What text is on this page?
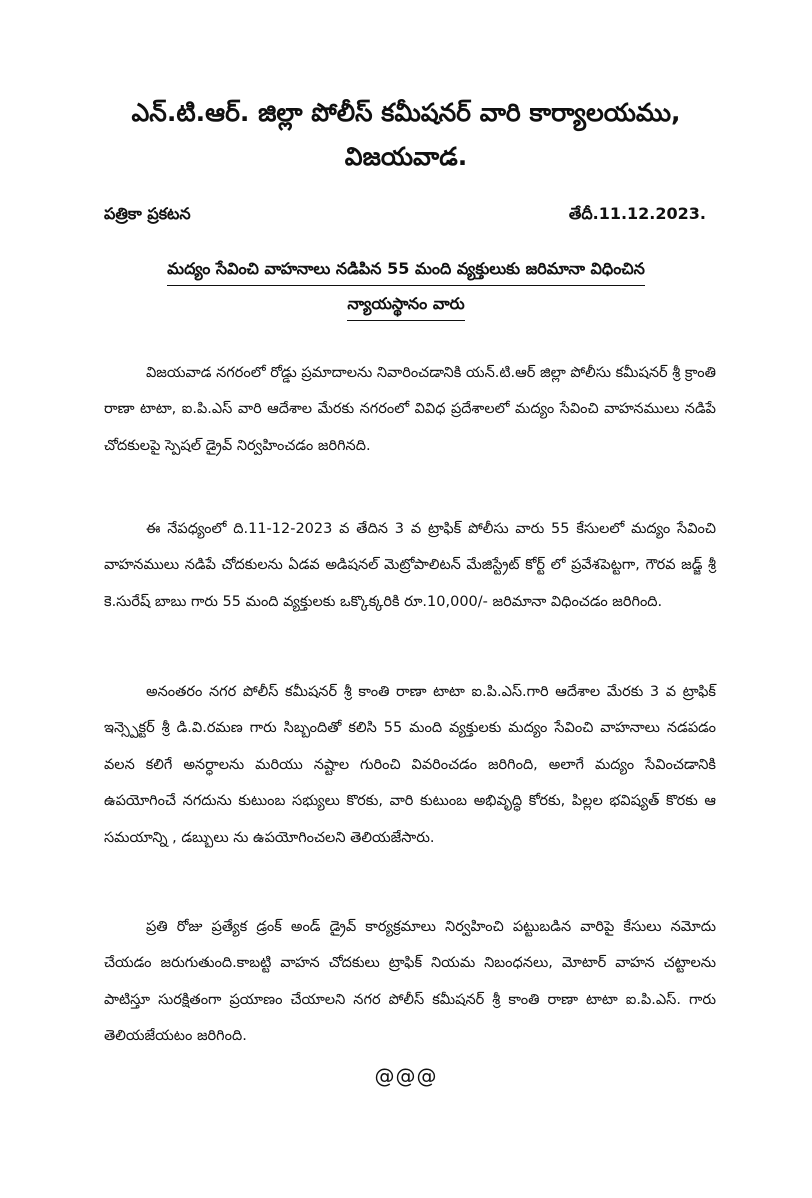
ఎన్.టి.ఆర్. జిల్లా పోలీస్ కమీషనర్ వారి కార్యాలయము,
విజయవాడ.
పత్రికా ప్రకటన	తేదీ.11.12.2023.
మద్యం సేవించి వాహనాలు నడిపిన 55 మంది వ్యక్తులుకు జరిమానా విధించిన
న్యాయస్థానం వారు

విజయవాడ నగరంలో రోడ్డు ప్రమాదాలను నివారించడానికి యన్.టి.ఆర్ జిల్లా పోలీసు కమీషనర్ శ్రీ క్రాంతి రాణా టాటా, ఐ.పి.ఎస్ వారి ఆదేశాల మేరకు నగరంలో వివిధ ప్రదేశాలలో మద్యం సేవించి వాహనములు నడిపే చోదకులపై స్పెషల్ డ్రైవ్ నిర్వహించడం జరిగినది.

ఈ నేపధ్యంలో ది.11-12-2023 వ తేదిన 3 వ ట్రాఫిక్ పోలీసు వారు 55 కేసులలో మద్యం సేవించి వాహనములు నడిపే చోదకులను ఏడవ అడిషనల్ మెట్రోపాలిటన్ మేజిస్ట్రేట్ కోర్ట్ లో ప్రవేశపెట్టగా, గౌరవ జడ్జ్ శ్రీ కె.సురేష్ బాబు గారు 55 మంది వ్యక్తులకు ఒక్కొక్కరికి రూ.10,000/- జరిమానా విధించడం జరిగింది.

అనంతరం నగర పోలీస్ కమీషనర్ శ్రీ కాంతి రాణా టాటా ఐ.పి.ఎస్.గారి ఆదేశాల మేరకు 3 వ ట్రాఫిక్ ఇన్స్పెక్టర్ శ్రీ డి.వి.రమణ గారు సిబ్బందితో కలిసి 55 మంది వ్యక్తులకు మద్యం సేవించి వాహనాలు నడపడం వలన కలిగే అనర్ధాలను మరియు నష్టాల గురించి వివరించడం జరిగింది, అలాగే మద్యం సేవించడానికి ఉపయోగించే నగదును కుటుంబ సభ్యులు కొరకు, వారి కుటుంబ అభివృద్ధి కోరకు, పిల్లల భవిష్యత్ కొరకు ఆ సమయాన్ని , డబ్బులు ను ఉపయోగించలని తెలియజేసారు.

ప్రతి రోజు ప్రత్యేక డ్రంక్ అండ్ డ్రైవ్ కార్యక్రమాలు నిర్వహించి పట్టుబడిన వారిపై కేసులు నమోదు చేయడం జరుగుతుంది.కాబట్టి వాహన చోదకులు ట్రాఫిక్ నియమ నిబంధనలు, మోటార్ వాహన చట్టాలను పాటిస్తూ సురక్షితంగా ప్రయాణం చేయాలని నగర పోలీస్ కమీషనర్ శ్రీ కాంతి రాణా టాటా ఐ.పి.ఎస్. గారు తెలియజేయటం జరిగింది.

@@@
